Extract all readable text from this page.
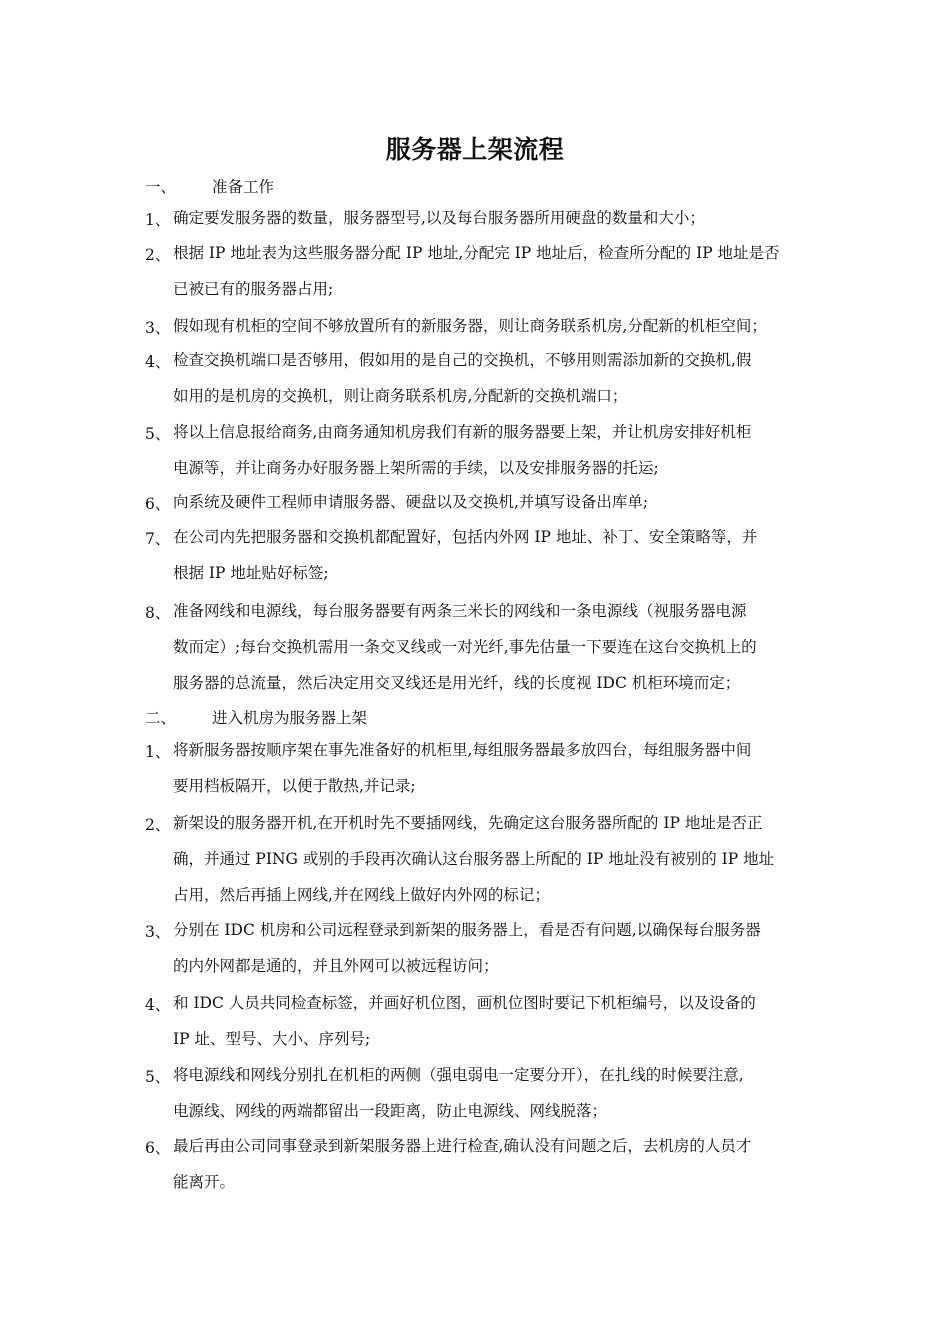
服务器上架流程
一、 准备工作
1、 确定要发服务器的数量，服务器型号,以及每台服务器所用硬盘的数量和大小；
2、 根据 IP 地址表为这些服务器分配 IP 地址,分配完 IP 地址后，检查所分配的 IP 地址是否
已被已有的服务器占用;
3、 假如现有机柜的空间不够放置所有的新服务器，则让商务联系机房,分配新的机柜空间；
4、 检查交换机端口是否够用，假如用的是自己的交换机，不够用则需添加新的交换机,假
如用的是机房的交换机，则让商务联系机房,分配新的交换机端口；
5、 将以上信息报给商务,由商务通知机房我们有新的服务器要上架，并让机房安排好机柜
电源等，并让商务办好服务器上架所需的手续，以及安排服务器的托运;
6、 向系统及硬件工程师申请服务器、硬盘以及交换机,并填写设备出库单;
7、 在公司内先把服务器和交换机都配置好，包括内外网 IP 地址、补丁、安全策略等，并
根据 IP 地址贴好标签;
8、 准备网线和电源线，每台服务器要有两条三米长的网线和一条电源线（视服务器电源
数而定）;每台交换机需用一条交叉线或一对光纤,事先估量一下要连在这台交换机上的
服务器的总流量，然后决定用交叉线还是用光纤，线的长度视 IDC 机柜环境而定；
二、 进入机房为服务器上架
1、 将新服务器按顺序架在事先准备好的机柜里,每组服务器最多放四台，每组服务器中间
要用档板隔开，以便于散热,并记录;
2、 新架设的服务器开机,在开机时先不要插网线，先确定这台服务器所配的 IP 地址是否正
确，并通过 PING 或别的手段再次确认这台服务器上所配的 IP 地址没有被别的 IP 地址
占用，然后再插上网线,并在网线上做好内外网的标记；
3、 分别在 IDC 机房和公司远程登录到新架的服务器上，看是否有问题,以确保每台服务器
的内外网都是通的，并且外网可以被远程访问；
4、 和 IDC 人员共同检查标签，并画好机位图，画机位图时要记下机柜编号，以及设备的
IP 址、型号、大小、序列号;
5、 将电源线和网线分别扎在机柜的两侧（强电弱电一定要分开），在扎线的时候要注意,
电源线、网线的两端都留出一段距离，防止电源线、网线脱落；
6、 最后再由公司同事登录到新架服务器上进行检查,确认没有问题之后，去机房的人员才
能离开。
